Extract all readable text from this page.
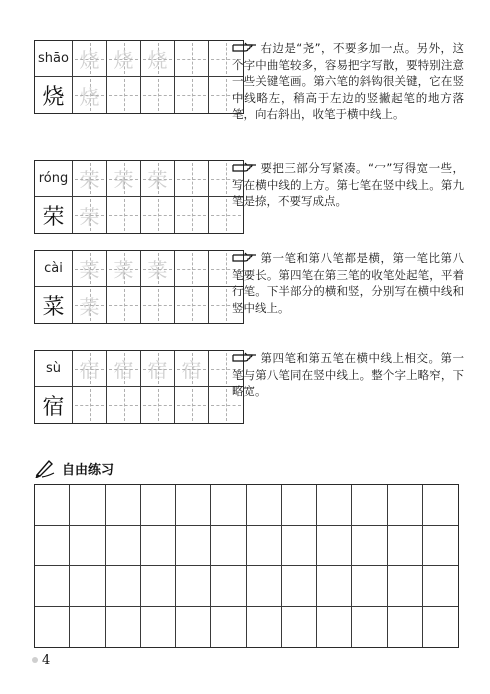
shāo 烧 烧 烧
烧 烧
右边是“尧”，不要多加一点。另外，这个字中曲笔较多，容易把字写散，要特别注意一些关键笔画。第六笔的斜钩很关键，它在竖中线略左，稍高于左边的竖撇起笔的地方落笔，向右斜出，收笔于横中线上。
róng 荣 荣 荣
荣 荣
要把三部分写紧凑。“冖”写得宽一些，写在横中线的上方。第七笔在竖中线上。第九笔是捺，不要写成点。
cài 菜 菜 菜
菜 菜
第一笔和第八笔都是横，第一笔比第八笔要长。第四笔在第三笔的收笔处起笔，平着行笔。下半部分的横和竖，分别写在横中线和竖中线上。
sù 宿 宿 宿 宿
宿
第四笔和第五笔在横中线上相交。第一笔与第八笔同在竖中线上。整个字上略窄，下略宽。
自由练习
4
